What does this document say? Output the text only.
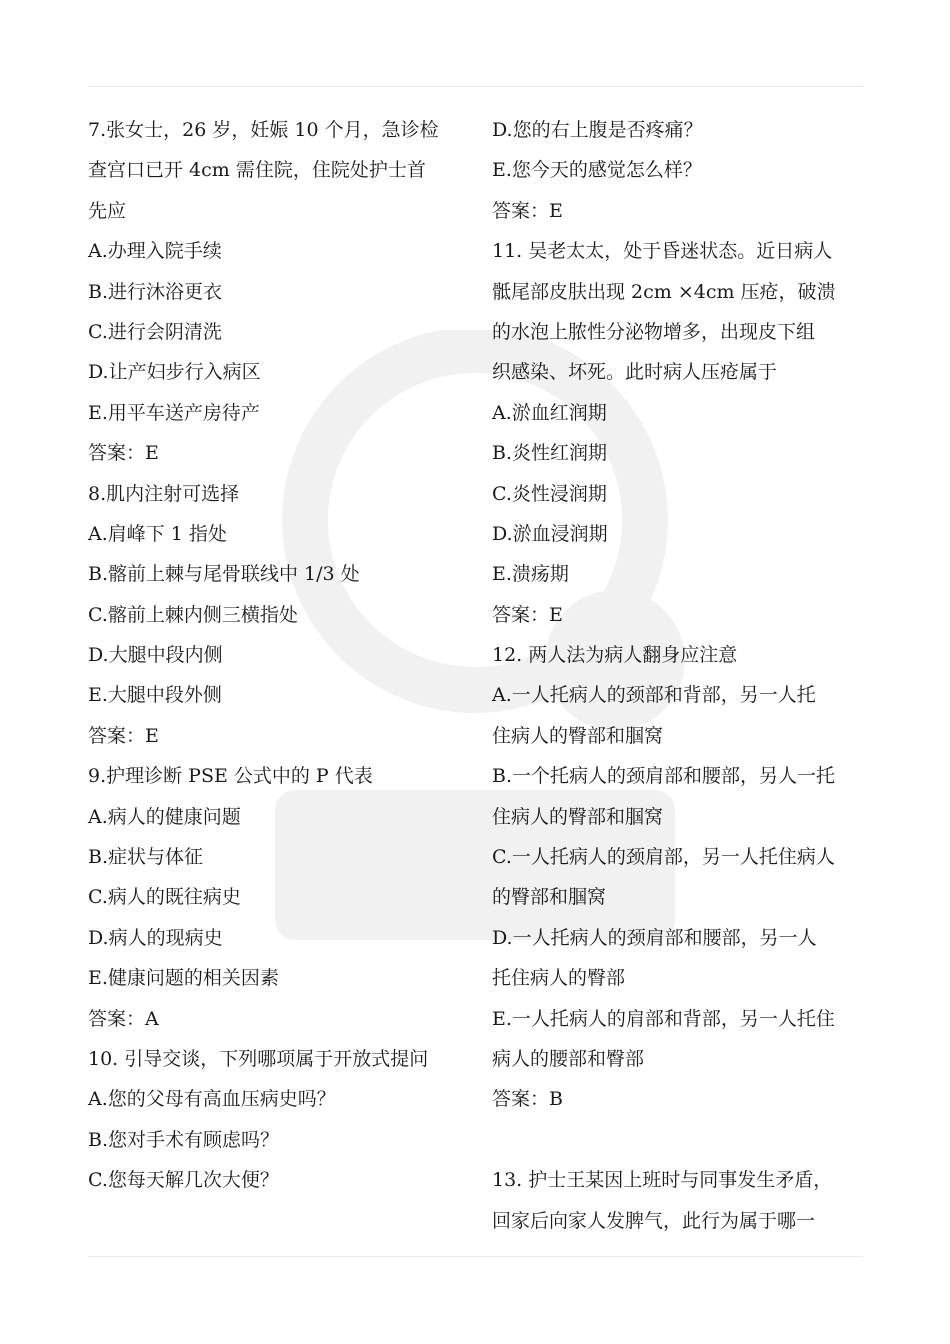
7.张女士，26 岁，妊娠 10 个月，急诊检
查宫口已开 4cm 需住院，住院处护士首
先应
A.办理入院手续
B.进行沐浴更衣
C.进行会阴清洗
D.让产妇步行入病区
E.用平车送产房待产
答案：E
8.肌内注射可选择
A.肩峰下 1 指处
B.髂前上棘与尾骨联线中 1/3 处
C.髂前上棘内侧三横指处
D.大腿中段内侧
E.大腿中段外侧
答案：E
9.护理诊断 PSE 公式中的 P 代表
A.病人的健康问题
B.症状与体征
C.病人的既往病史
D.病人的现病史
E.健康问题的相关因素
答案：A
10. 引导交谈，下列哪项属于开放式提问
A.您的父母有高血压病史吗？
B.您对手术有顾虑吗？
C.您每天解几次大便？
D.您的右上腹是否疼痛？
E.您今天的感觉怎么样？
答案：E
11. 吴老太太，处于昏迷状态。近日病人
骶尾部皮肤出现 2cm ×4cm 压疮，破溃
的水泡上脓性分泌物增多，出现皮下组
织感染、坏死。此时病人压疮属于
A.淤血红润期
B.炎性红润期
C.炎性浸润期
D.淤血浸润期
E.溃疡期
答案：E
12. 两人法为病人翻身应注意
A.一人托病人的颈部和背部，另一人托
住病人的臀部和腘窝
B.一个托病人的颈肩部和腰部，另人一托
住病人的臀部和腘窝
C.一人托病人的颈肩部，另一人托住病人
的臀部和腘窝
D.一人托病人的颈肩部和腰部，另一人
托住病人的臀部
E.一人托病人的肩部和背部，另一人托住
病人的腰部和臀部
答案：B
13. 护士王某因上班时与同事发生矛盾，
回家后向家人发脾气，此行为属于哪一
